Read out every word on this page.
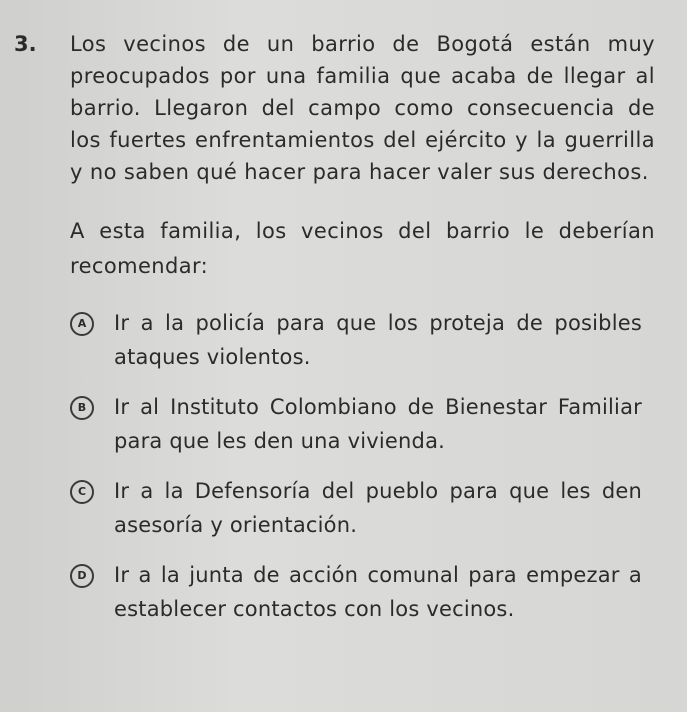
3.	Los vecinos de un barrio de Bogotá están muy preocupados por una familia que acaba de llegar al barrio. Llegaron del campo como consecuencia de los fuertes enfrentamientos del ejército y la guerrilla y no saben qué hacer para hacer valer sus derechos.

A esta familia, los vecinos del barrio le deberían recomendar:

A	Ir a la policía para que los proteja de posibles ataques violentos.

B	Ir al Instituto Colombiano de Bienestar Familiar para que les den una vivienda.

C	Ir a la Defensoría del pueblo para que les den asesoría y orientación.

D	Ir a la junta de acción comunal para empezar a establecer contactos con los vecinos.
